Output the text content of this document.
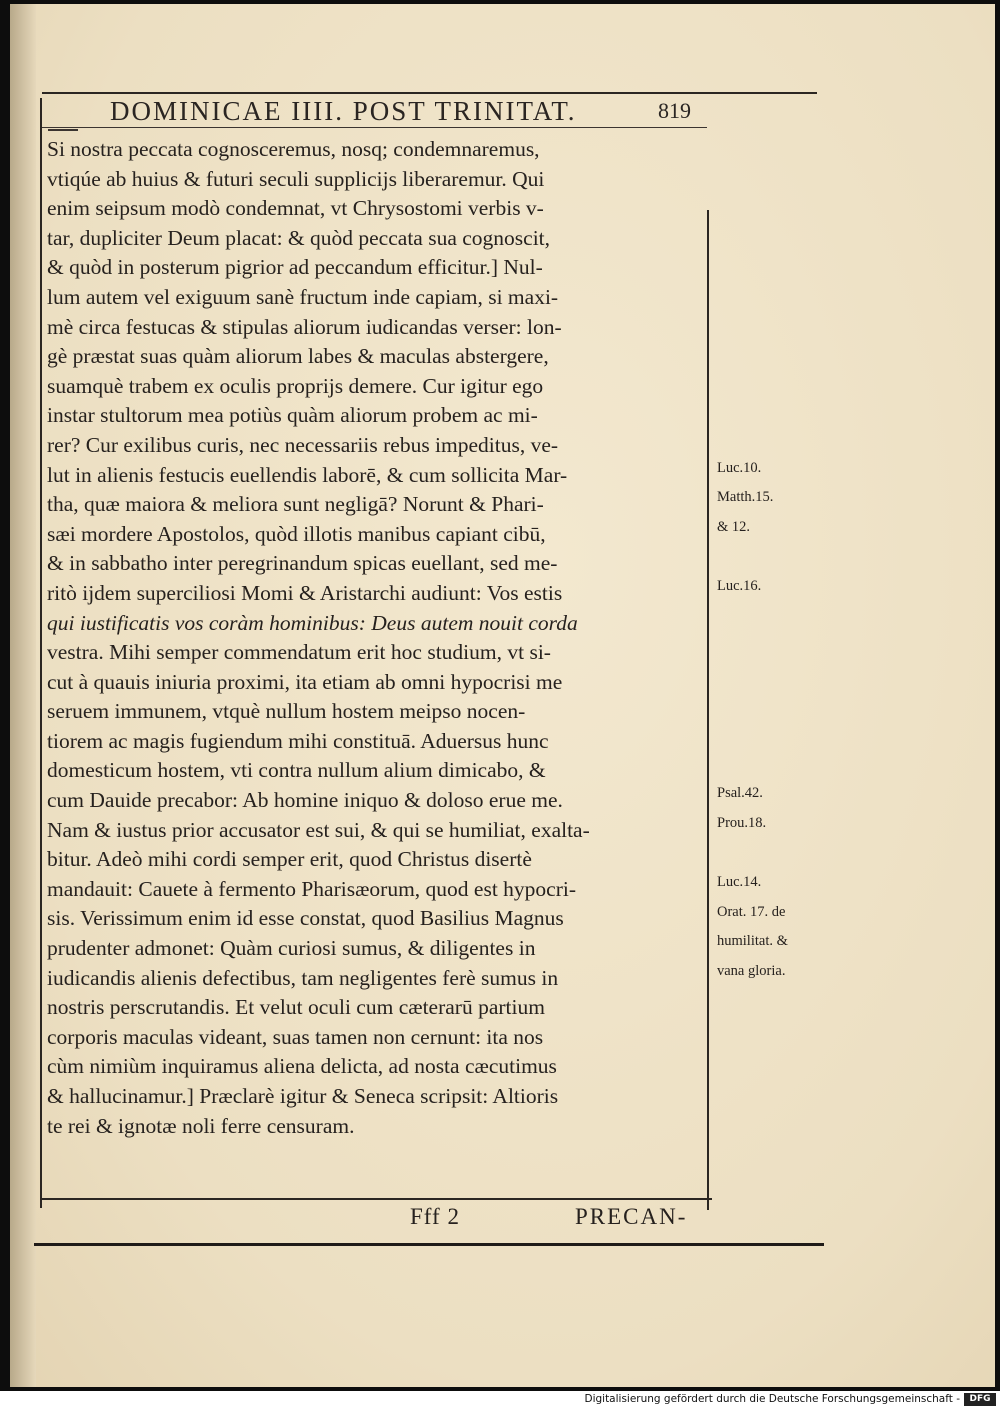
DOMINICAE IIII. POST TRINITAT.	819
Si nostra peccata cognosceremus, nosq; condemnaremus,
vtiqúe ab huius & futuri seculi supplicijs liberaremur. Qui
enim seipsum modò condemnat, vt Chrysostomi verbis v-
tar, dupliciter Deum placat: & quòd peccata sua cognoscit,
& quòd in posterum pigrior ad peccandum efficitur.] Nul-
lum autem vel exiguum sanè fructum inde capiam, si maxi-
mè circa festucas & stipulas aliorum iudicandas verser: lon-
gè præstat suas quàm aliorum labes & maculas abstergere,
suamquè trabem ex oculis proprijs demere. Cur igitur ego
instar stultorum mea potiùs quàm aliorum probem ac mi-
rer? Cur exilibus curis, nec necessariis rebus impeditus, ve-
lut in alienis festucis euellendis laborē, & cum sollicita Mar-
tha, quæ maiora & meliora sunt negligā? Norunt & Phari-
sæi mordere Apostolos, quòd illotis manibus capiant cibū,
& in sabbatho inter peregrinandum spicas euellant, sed me-
ritò ijdem superciliosi Momi & Aristarchi audiunt: Vos estis
qui iustificatis vos coràm hominibus: Deus autem nouit corda
vestra. Mihi semper commendatum erit hoc studium, vt si-
cut à quauis iniuria proximi, ita etiam ab omni hypocrisi me
seruem immunem, vtquè nullum hostem meipso nocen-
tiorem ac magis fugiendum mihi constituā. Aduersus hunc
domesticum hostem, vti contra nullum alium dimicabo, &
cum Dauide precabor: Ab homine iniquo & doloso erue me.
Nam & iustus prior accusator est sui, & qui se humiliat, exalta-
bitur. Adeò mihi cordi semper erit, quod Christus disertè
mandauit: Cauete à fermento Pharisæorum, quod est hypocri-
sis. Verissimum enim id esse constat, quod Basilius Magnus
prudenter admonet: Quàm curiosi sumus, & diligentes in
iudicandis alienis defectibus, tam negligentes ferè sumus in
nostris perscrutandis. Et velut oculi cum cæterarū partium
corporis maculas videant, suas tamen non cernunt: ita nos
cùm nimiùm inquiramus aliena delicta, ad nosta cæcutimus
& hallucinamur.] Præclarè igitur & Seneca scripsit: Altioris
te rei & ignotæ noli ferre censuram.
Luc.10.
Matth.15.
& 12.
Luc.16.
Psal.42.
Prou.18.
Luc.14.
Orat. 17. de
humilitat. &
vana gloria.
Fff 2	PRECAN-
Digitalisierung gefördert durch die Deutsche Forschungsgemeinschaft -	DFG
